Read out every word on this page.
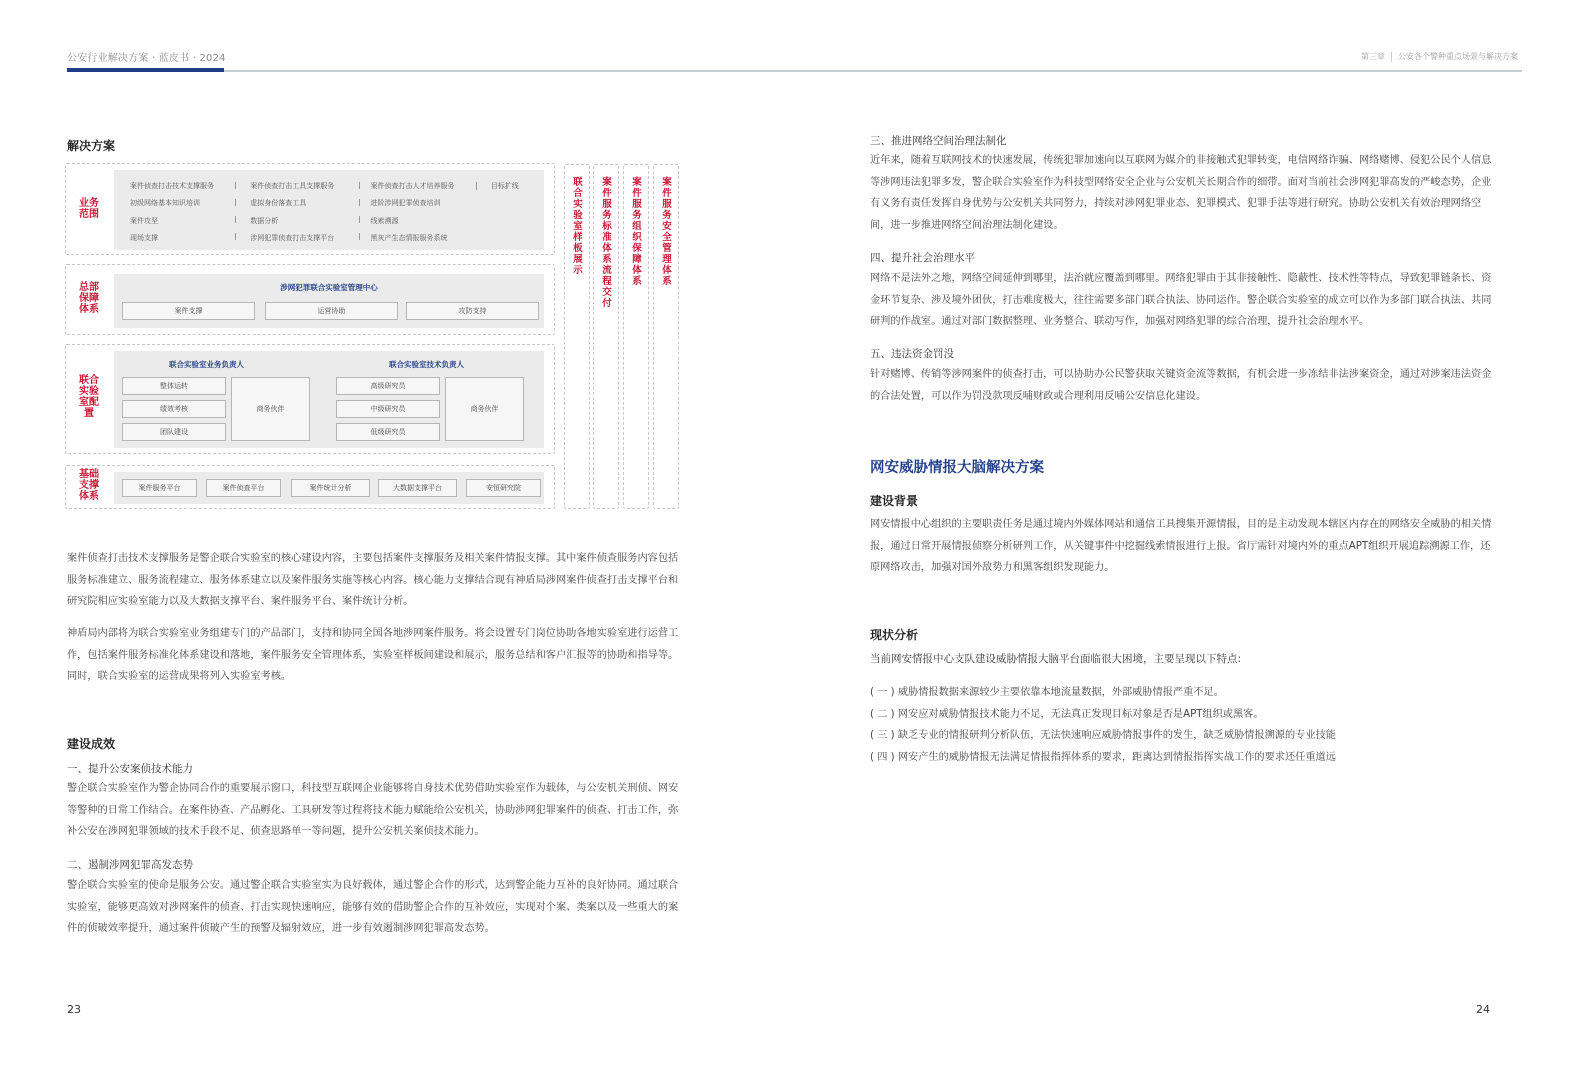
公安行业解决方案 · 蓝皮书 · 2024	第三章 公安各个警种重点场景与解决方案
解决方案
业务
范围
案件侦查打击技术支撑服务	案件侦查打击工具支撑服务	案件侦查打击人才培养服务	目标扩线
初级网络基本知识培训	虚拟身份落查工具	进阶涉网犯罪侦查培训
案件攻坚	数据分析	线索溯源
现场支撑	涉网犯罪侦查打击支撑平台	黑灰产生态情报服务系统
总部
保障
体系
涉网犯罪联合实验室管理中心
案件支撑	运营协助	攻防支持
联合
实验
室配
置
联合实验室业务负责人	联合实验室技术负责人
整体运转
绩效考核
团队建设
商务伙伴
高级研究员
中级研究员
低级研究员
商务伙伴
基础
支撑
体系
案件服务平台	案件侦查平台	案件统计分析	大数据支撑平台	安恒研究院
联合实验室样板展示
案件服务标准体系流程交付
案件服务组织保障体系
案件服务安全管理体系
案件侦查打击技术支撑服务是警企联合实验室的核心建设内容，主要包括案件支撑服务及相关案件情报支撑。其中案件侦查服务内容包括服务标准建立、服务流程建立、服务体系建立以及案件服务实施等核心内容。核心能力支撑结合现有神盾局涉网案件侦查打击支撑平台和研究院相应实验室能力以及大数据支撑平台、案件服务平台、案件统计分析。
神盾局内部将为联合实验室业务组建专门的产品部门，支持和协同全国各地涉网案件服务。将会设置专门岗位协助各地实验室进行运营工作，包括案件服务标准化体系建设和落地，案件服务安全管理体系，实验室样板间建设和展示，服务总结和客户汇报等的协助和指导等。同时，联合实验室的运营成果将列入实验室考核。
建设成效
一、提升公安案侦技术能力
警企联合实验室作为警企协同合作的重要展示窗口，科技型互联网企业能够将自身技术优势借助实验室作为载体，与公安机关刑侦、网安等警种的日常工作结合。在案件协查、产品孵化、工具研发等过程将技术能力赋能给公安机关，协助涉网犯罪案件的侦查、打击工作，弥补公安在涉网犯罪领域的技术手段不足、侦查思路单一等问题，提升公安机关案侦技术能力。
二、遏制涉网犯罪高发态势
警企联合实验室的使命是服务公安。通过警企联合实验室实为良好载体，通过警企合作的形式，达到警企能力互补的良好协同。通过联合实验室，能够更高效对涉网案件的侦查、打击实现快速响应，能够有效的借助警企合作的互补效应，实现对个案、类案以及一些重大的案件的侦破效率提升，通过案件侦破产生的预警及辐射效应，进一步有效遏制涉网犯罪高发态势。
23
三、推进网络空间治理法制化
近年来，随着互联网技术的快速发展，传统犯罪加速向以互联网为媒介的非接触式犯罪转变，电信网络诈骗、网络赌博、侵犯公民个人信息等涉网违法犯罪多发，警企联合实验室作为科技型网络安全企业与公安机关长期合作的细带。面对当前社会涉网犯罪高发的严峻态势，企业有义务有责任发挥自身优势与公安机关共同努力，持续对涉网犯罪业态、犯罪模式、犯罪手法等进行研究。协助公安机关有效治理网络空间，进一步推进网络空间治理法制化建设。
四、提升社会治理水平
网络不是法外之地，网络空间延伸到哪里，法治就应覆盖到哪里。网络犯罪由于其非接触性、隐蔽性、技术性等特点，导致犯罪链条长、资金环节复杂、涉及境外团伙，打击难度极大，往往需要多部门联合执法、协同运作。警企联合实验室的成立可以作为多部门联合执法、共同研判的作战室。通过对部门数据整理、业务整合、联动写作，加强对网络犯罪的综合治理，提升社会治理水平。
五、违法资金罚没
针对赌博、传销等涉网案件的侦查打击，可以协助办公民警获取关键资金流等数据，有机会进一步冻结非法涉案资金，通过对涉案违法资金的合法处置，可以作为罚没款项反哺财政或合理利用反哺公安信息化建设。
网安威胁情报大脑解决方案
建设背景
网安情报中心组织的主要职责任务是通过境内外媒体网站和通信工具搜集开源情报，目的是主动发现本辖区内存在的网络安全威胁的相关情报，通过日常开展情报侦察分析研判工作，从关键事件中挖掘线索情报进行上报。省厅需针对境内外的重点APT组织开展追踪溯源工作，还原网络攻击，加强对国外敌势力和黑客组织发现能力。
现状分析
当前网安情报中心支队建设威胁情报大脑平台面临很大困境，主要呈现以下特点:
( 一 ) 威胁情报数据来源较少主要依靠本地流量数据，外部威胁情报严重不足。
( 二 ) 网安应对威胁情报技术能力不足，无法真正发现目标对象是否是APT组织或黑客。
( 三 ) 缺乏专业的情报研判分析队伍，无法快速响应威胁情报事件的发生，缺乏威胁情报溯源的专业技能
( 四 ) 网安产生的威胁情报无法满足情报指挥体系的要求，距离达到情报指挥实战工作的要求还任重道远
24
